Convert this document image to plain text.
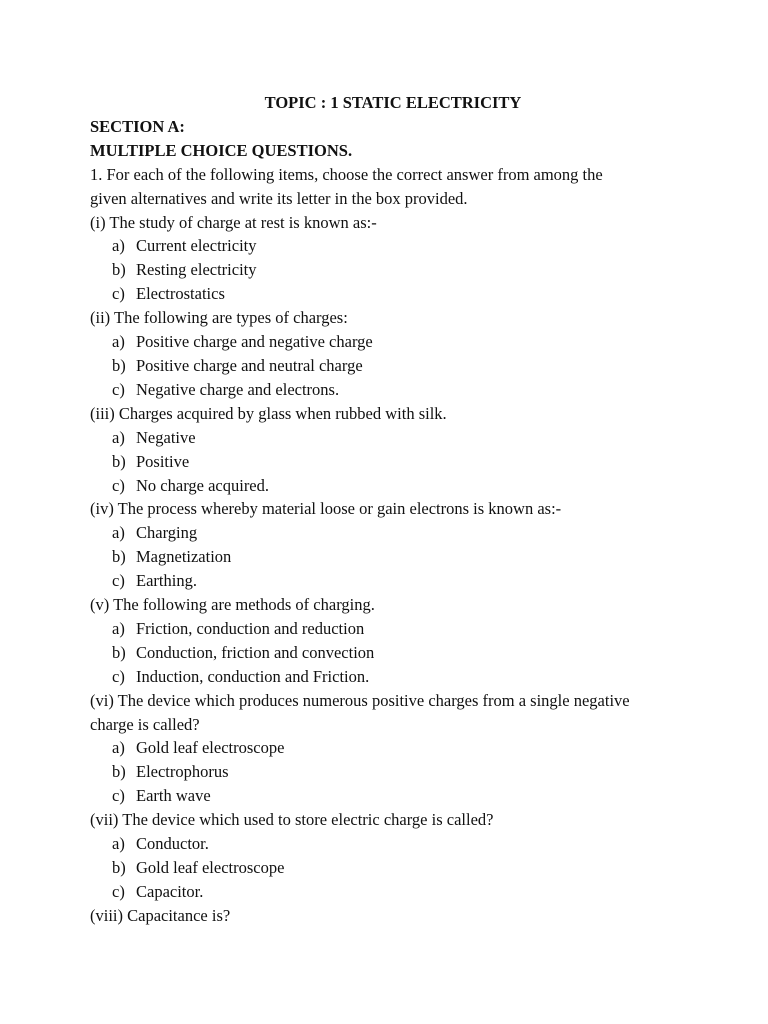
TOPIC : 1 STATIC ELECTRICITY
SECTION A:
MULTIPLE CHOICE QUESTIONS.
1. For each of the following items, choose the correct answer from among the
given alternatives and write its letter in the box provided.
(i) The study of charge at rest is known as:-
a) Current electricity
b) Resting electricity
c) Electrostatics
(ii) The following are types of charges:
a) Positive charge and negative charge
b) Positive charge and neutral charge
c) Negative charge and electrons.
(iii) Charges acquired by glass when rubbed with silk.
a) Negative
b) Positive
c) No charge acquired.
(iv) The process whereby material loose or gain electrons is known as:-
a) Charging
b) Magnetization
c) Earthing.
(v) The following are methods of charging.
a) Friction, conduction and reduction
b) Conduction, friction and convection
c) Induction, conduction and Friction.
(vi) The device which produces numerous positive charges from a single negative
charge is called?
a) Gold leaf electroscope
b) Electrophorus
c) Earth wave
(vii) The device which used to store electric charge is called?
a) Conductor.
b) Gold leaf electroscope
c) Capacitor.
(viii) Capacitance is?
